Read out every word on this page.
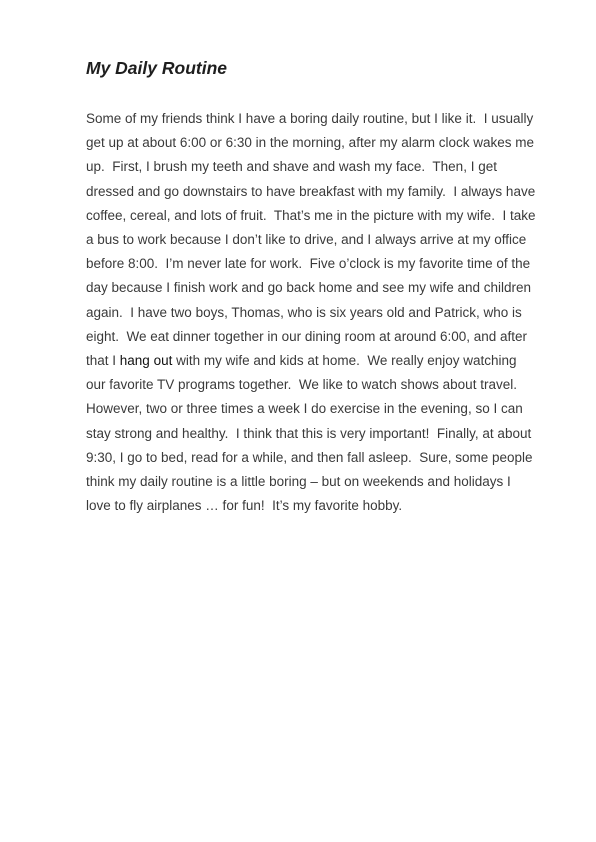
My Daily Routine
Some of my friends think I have a boring daily routine, but I like it.  I usually
get up at about 6:00 or 6:30 in the morning, after my alarm clock wakes me
up.  First, I brush my teeth and shave and wash my face.  Then, I get
dressed and go downstairs to have breakfast with my family.  I always have
coffee, cereal, and lots of fruit.  That’s me in the picture with my wife.  I take
a bus to work because I don’t like to drive, and I always arrive at my office
before 8:00.  I’m never late for work.  Five o’clock is my favorite time of the
day because I finish work and go back home and see my wife and children
again.  I have two boys, Thomas, who is six years old and Patrick, who is
eight.  We eat dinner together in our dining room at around 6:00, and after
that I hang out with my wife and kids at home.  We really enjoy watching
our favorite TV programs together.  We like to watch shows about travel.
However, two or three times a week I do exercise in the evening, so I can
stay strong and healthy.  I think that this is very important!  Finally, at about
9:30, I go to bed, read for a while, and then fall asleep.  Sure, some people
think my daily routine is a little boring – but on weekends and holidays I
love to fly airplanes … for fun!  It’s my favorite hobby.
